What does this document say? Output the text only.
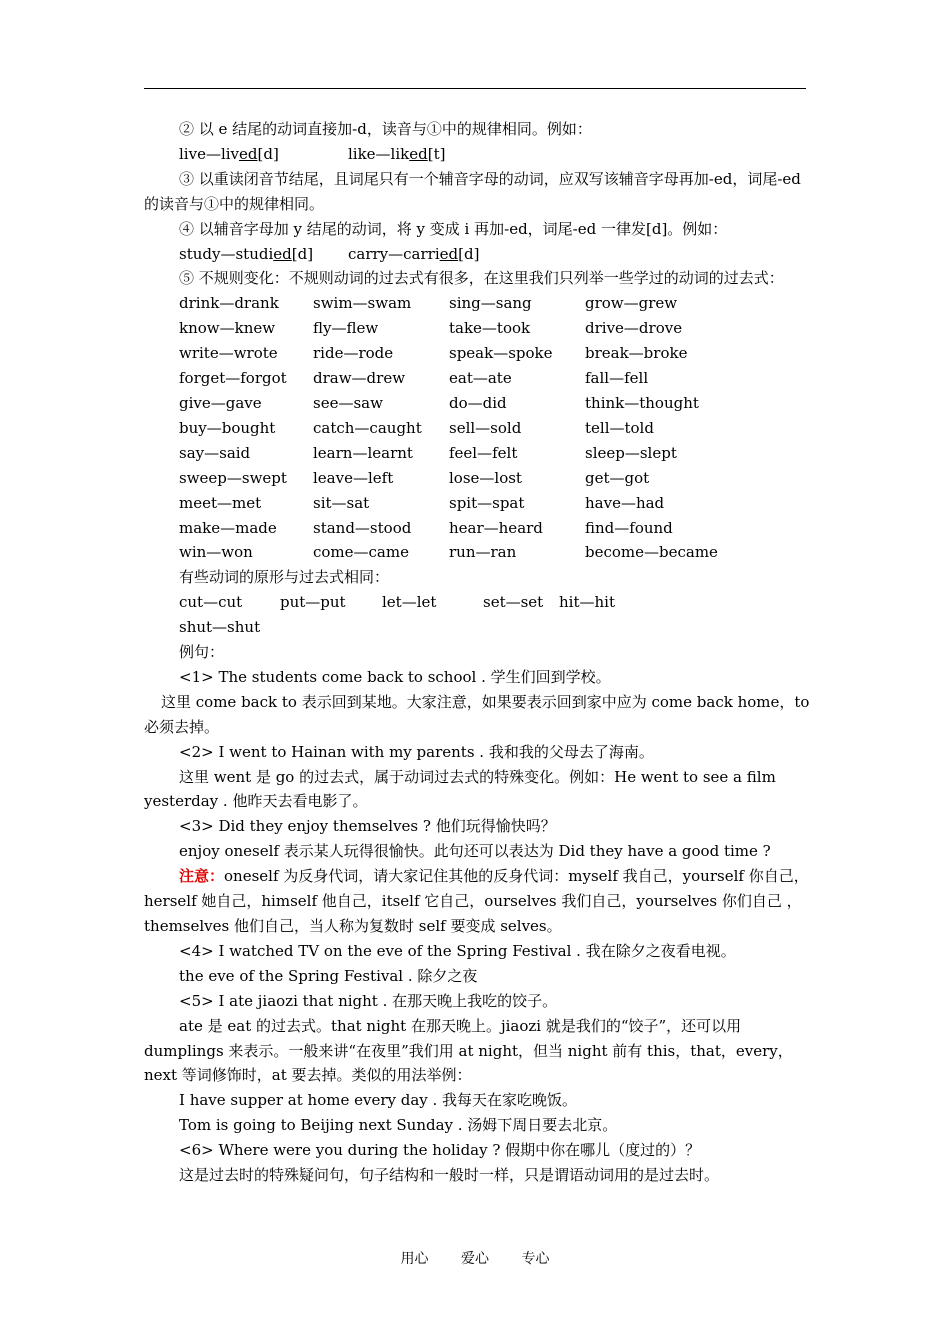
② 以 e 结尾的动词直接加-d，读音与①中的规律相同。例如：

live—lived[d]	like—liked[t]

③ 以重读闭音节结尾，且词尾只有一个辅音字母的动词，应双写该辅音字母再加-ed，词尾-ed 的读音与①中的规律相同。

④ 以辅音字母加 y 结尾的动词，将 y 变成 i 再加-ed，词尾-ed 一律发[d]。例如：

study—studied[d] carry—carried[d]

⑤ 不规则变化：不规则动词的过去式有很多，在这里我们只列举一些学过的动词的过去式：

drink—drank	swim—swam	sing—sang	grow—grew
know—knew	fly—flew	take—took	drive—drove
write—wrote	ride—rode	speak—spoke	break—broke
forget—forgot	draw—drew	eat—ate	fall—fell
give—gave	see—saw	do—did	think—thought
buy—bought	catch—caught	sell—sold	tell—told
say—said	learn—learnt	feel—felt	sleep—slept
sweep—swept	leave—left	lose—lost	get—got
meet—met	sit—sat	spit—spat	have—had
make—made	stand—stood	hear—heard	find—found
win—won	come—came	run—ran	become—became

有些动词的原形与过去式相同：

cut—cut	put—put let—let	set—set hit—hit

shut—shut

例句：

<1> The students come back to school . 学生们回到学校。

这里 come back to 表示回到某地。大家注意，如果要表示回到家中应为 come back home，to 必须去掉。

<2> I went to Hainan with my parents . 我和我的父母去了海南。

这里 went 是 go 的过去式，属于动词过去式的特殊变化。例如：He went to see a film yesterday . 他昨天去看电影了。

<3> Did they enjoy themselves ? 他们玩得愉快吗？

enjoy oneself 表示某人玩得很愉快。此句还可以表达为 Did they have a good time ?

注意：oneself 为反身代词，请大家记住其他的反身代词：myself 我自己，yourself 你自己，herself 她自己，himself 他自己，itself 它自己，ourselves 我们自己，yourselves 你们自己 ，themselves 他们自己，当人称为复数时 self 要变成 selves。

<4> I watched TV on the eve of the Spring Festival . 我在除夕之夜看电视。

the eve of the Spring Festival . 除夕之夜

<5> I ate jiaozi that night . 在那天晚上我吃的饺子。

ate 是 eat 的过去式。that night 在那天晚上。jiaozi 就是我们的“饺子”，还可以用 dumplings 来表示。一般来讲“在夜里”我们用 at night，但当 night 前有 this，that，every，next 等词修饰时，at 要去掉。类似的用法举例：

I have supper at home every day . 我每天在家吃晚饭。

Tom is going to Beijing next Sunday . 汤姆下周日要去北京。

<6> Where were you during the holiday ? 假期中你在哪儿（度过的）？

这是过去时的特殊疑问句，句子结构和一般时一样，只是谓语动词用的是过去时。

用心 爱心 专心
